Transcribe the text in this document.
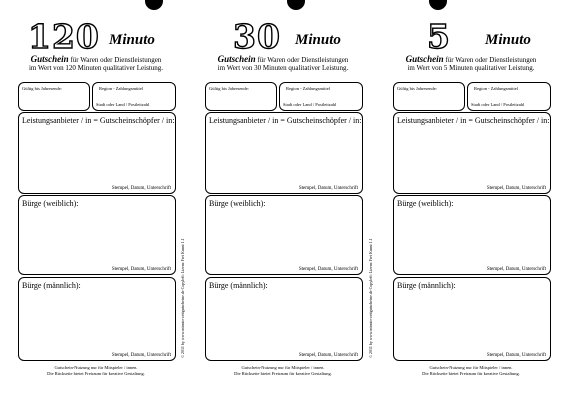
120 Minuto
Gutschein für Waren oder Dienstleistungen
im Wert von 120 Minuten qualitativer Leistung.
Gültig bis Jahresende:	Region - Zahlungsmittel
Stadt oder Land / Postleitzahl
Leistungsanbieter / in = Gutscheinschöpfer / in:
Stempel, Datum, Unterschrift
Bürge (weiblich):
Stempel, Datum, Unterschrift
Bürge (männlich):
Stempel, Datum, Unterschrift
Gutschein-Nutzung nur für Mitspieler / innen.
Die Rückseite bietet Freiraum für kreative Gestaltung.
© 2011 by www.minuto-zeitgutscheine.de Copyleft: Lizenz Frei Kunst 1.1
30 Minuto
Gutschein für Waren oder Dienstleistungen
im Wert von 30 Minuten qualitativer Leistung.
Gültig bis Jahresende:	Region - Zahlungsmittel
Stadt oder Land / Postleitzahl
Leistungsanbieter / in = Gutscheinschöpfer / in:
Stempel, Datum, Unterschrift
Bürge (weiblich):
Stempel, Datum, Unterschrift
Bürge (männlich):
Stempel, Datum, Unterschrift
Gutschein-Nutzung nur für Mitspieler / innen.
Die Rückseite bietet Freiraum für kreative Gestaltung.
© 2011 by www.minuto-zeitgutscheine.de Copyleft: Lizenz Frei Kunst 1.1
5 Minuto
Gutschein für Waren oder Dienstleistungen
im Wert von 5 Minuten qualitativer Leistung.
Gültig bis Jahresende:	Region - Zahlungsmittel
Stadt oder Land / Postleitzahl
Leistungsanbieter / in = Gutscheinschöpfer / in:
Stempel, Datum, Unterschrift
Bürge (weiblich):
Stempel, Datum, Unterschrift
Bürge (männlich):
Stempel, Datum, Unterschrift
Gutschein-Nutzung nur für Mitspieler / innen.
Die Rückseite bietet Freiraum für kreative Gestaltung.
